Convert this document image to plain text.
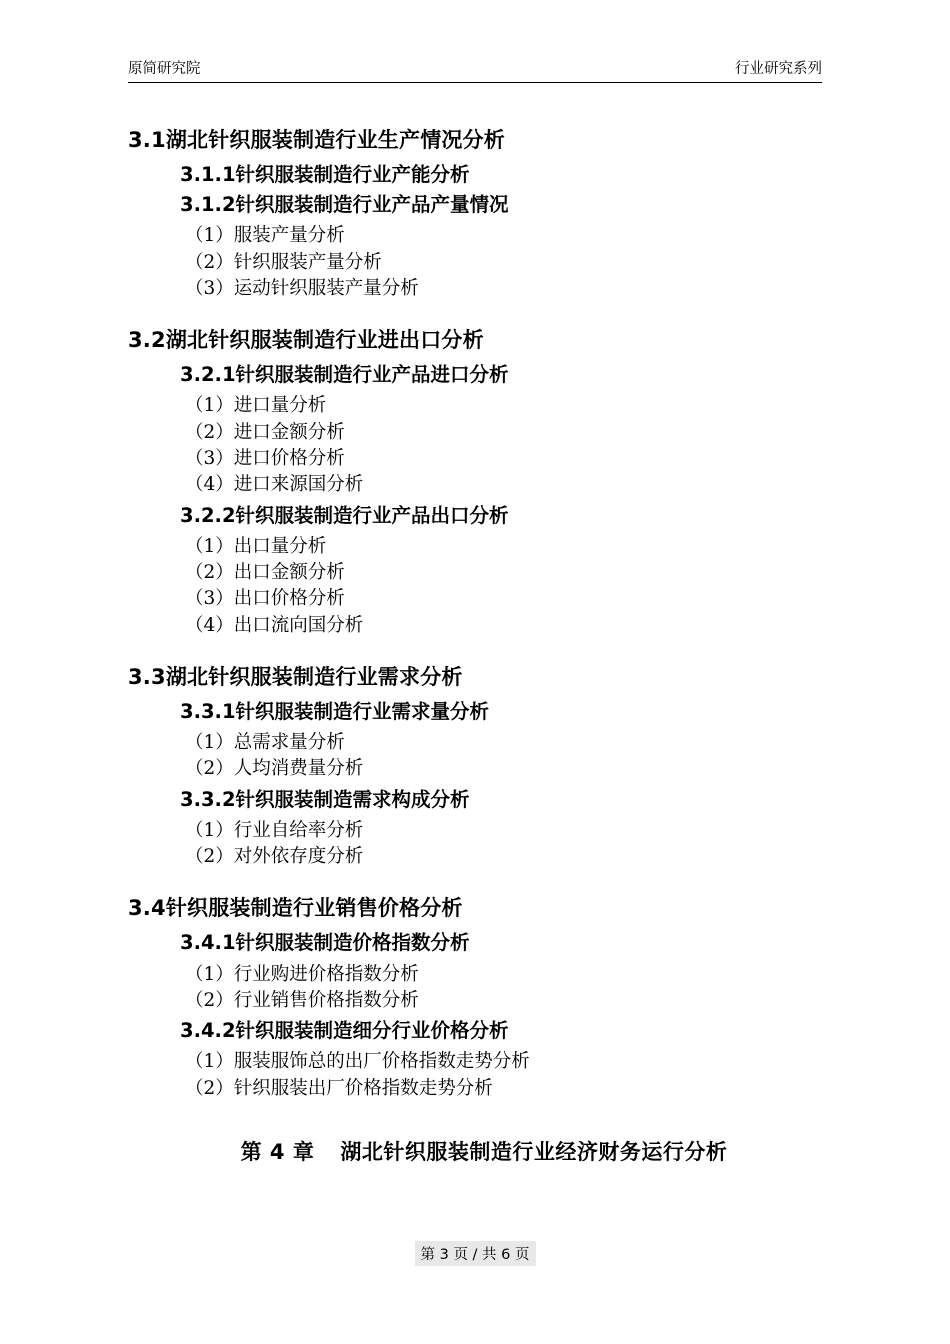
原简研究院	行业研究系列
3.1湖北针织服装制造行业生产情况分析
3.1.1针织服装制造行业产能分析
3.1.2针织服装制造行业产品产量情况
（1）服装产量分析
（2）针织服装产量分析
（3）运动针织服装产量分析
3.2湖北针织服装制造行业进出口分析
3.2.1针织服装制造行业产品进口分析
（1）进口量分析
（2）进口金额分析
（3）进口价格分析
（4）进口来源国分析
3.2.2针织服装制造行业产品出口分析
（1）出口量分析
（2）出口金额分析
（3）出口价格分析
（4）出口流向国分析
3.3湖北针织服装制造行业需求分析
3.3.1针织服装制造行业需求量分析
（1）总需求量分析
（2）人均消费量分析
3.3.2针织服装制造需求构成分析
（1）行业自给率分析
（2）对外依存度分析
3.4针织服装制造行业销售价格分析
3.4.1针织服装制造价格指数分析
（1）行业购进价格指数分析
（2）行业销售价格指数分析
3.4.2针织服装制造细分行业价格分析
（1）服装服饰总的出厂价格指数走势分析
（2）针织服装出厂价格指数走势分析
第 4 章 湖北针织服装制造行业经济财务运行分析
第 3 页 / 共 6 页
